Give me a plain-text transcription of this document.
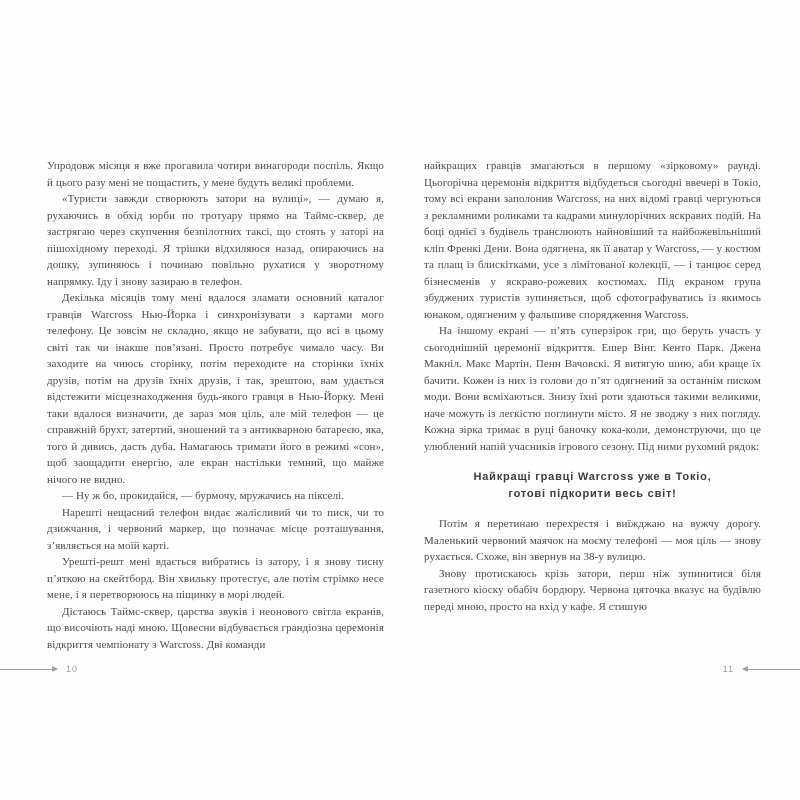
Упродовж місяця я вже прогавила чотири винагороди поспіль. Якщо й цього разу мені не пощастить, у мене будуть великі проблеми.

«Туристи завжди створюють затори на вулиці», — думаю я, рухаючись в обхід юрби по тротуару прямо на Таймс-сквер, де застрягаю через скупчення безпілотних таксі, що стоять у заторі на пішохідному переході. Я трішки відхиляюся назад, опираючись на дошку, зупиняюсь і починаю повільно рухатися у зворотному напрямку. Іду і знову зазираю в телефон.

Декілька місяців тому мені вдалося зламати основний каталог гравців Warcross Нью-Йорка і синхронізувати з картами мого телефону. Це зовсім не складно, якщо не забувати, що всі в цьому світі так чи інакше пов’язані. Просто потребує чимало часу. Ви заходите на чиюсь сторінку, потім переходите на сторінки їхніх друзів, потім на друзів їхніх друзів, і так, зрештою, вам удається відстежити місцезнаходження будь-якого гравця в Нью-Йорку. Мені таки вдалося визначити, де зараз моя ціль, але мій телефон — це справжній брухт, затертий, зношений та з антикварною батареєю, яка, того й дивись, дасть дуба. Намагаюсь тримати його в режимі «сон», щоб заощадити енергію, але екран настільки темний, що майже нічого не видно.

— Ну ж бо, прокидайся, — бурмочу, мружачись на пікселі.

Нарешті нещасний телефон видає жалісливий чи то писк, чи то дзижчання, і червоний маркер, що позначає місце розташування, з’являється на моїй карті.

Урешті-решт мені вдається вибратись із затору, і я знову тисну п’яткою на скейтборд. Він хвильку протестує, але потім стрімко несе мене, і я перетворююсь на піщинку в морі людей.

Дістаюсь Таймс-сквер, царства звуків і неонового світла екранів, що височіють наді мною. Щовесни відбувається грандіозна церемонія відкриття чемпіонату з Warcross. Дві команди

найкращих гравців змагаються в першому «зірковому» раунді. Цьогорічна церемонія відкриття відбудеться сьогодні ввечері в Токіо, тому всі екрани заполонив Warcross, на них відомі гравці чергуються з рекламними роликами та кадрами минулорічних яскравих подій. На боці однієї з будівель транслюють найновіший та найбожевільніший кліп Френкі Дени. Вона одягнена, як її аватар у Warcross, — у костюм та плащ із блискітками, усе з лімітованої колекції, — і танцює серед бізнесменів у яскраво-рожевих костюмах. Під екраном група збуджених туристів зупиняється, щоб сфотографуватись із якимось юнаком, одягненим у фальшиве спорядження Warcross.

На іншому екрані — п’ять суперзірок гри, що беруть участь у сьогоднішній церемонії відкриття. Ешер Вінг. Кенто Парк. Джена Макніл. Макс Мартін. Пенн Вачовскі. Я витягую шию, аби краще їх бачити. Кожен із них із голови до п’ят одягнений за останнім писком моди. Вони всміхаються. Знизу їхні роти здаються такими великими, наче можуть із легкістю поглинути місто. Я не зводжу з них погляду. Кожна зірка тримає в руці баночку кока-коли, демонструючи, що це улюблений напій учасників ігрового сезону. Під ними рухомий рядок:

Найкращі гравці Warcross уже в Токіо,
готові підкорити весь світ!

Потім я перетинаю перехрестя і виїжджаю на вужчу дорогу. Маленький червоний маячок на моєму телефоні — моя ціль — знову рухається. Схоже, він звернув на 38-у вулицю.

Знову протискаюсь крізь затори, перш ніж зупинитися біля газетного кіоску обабіч бордюру. Червона цяточка вказує на будівлю переді мною, просто на вхід у кафе. Я стишую

10	11
